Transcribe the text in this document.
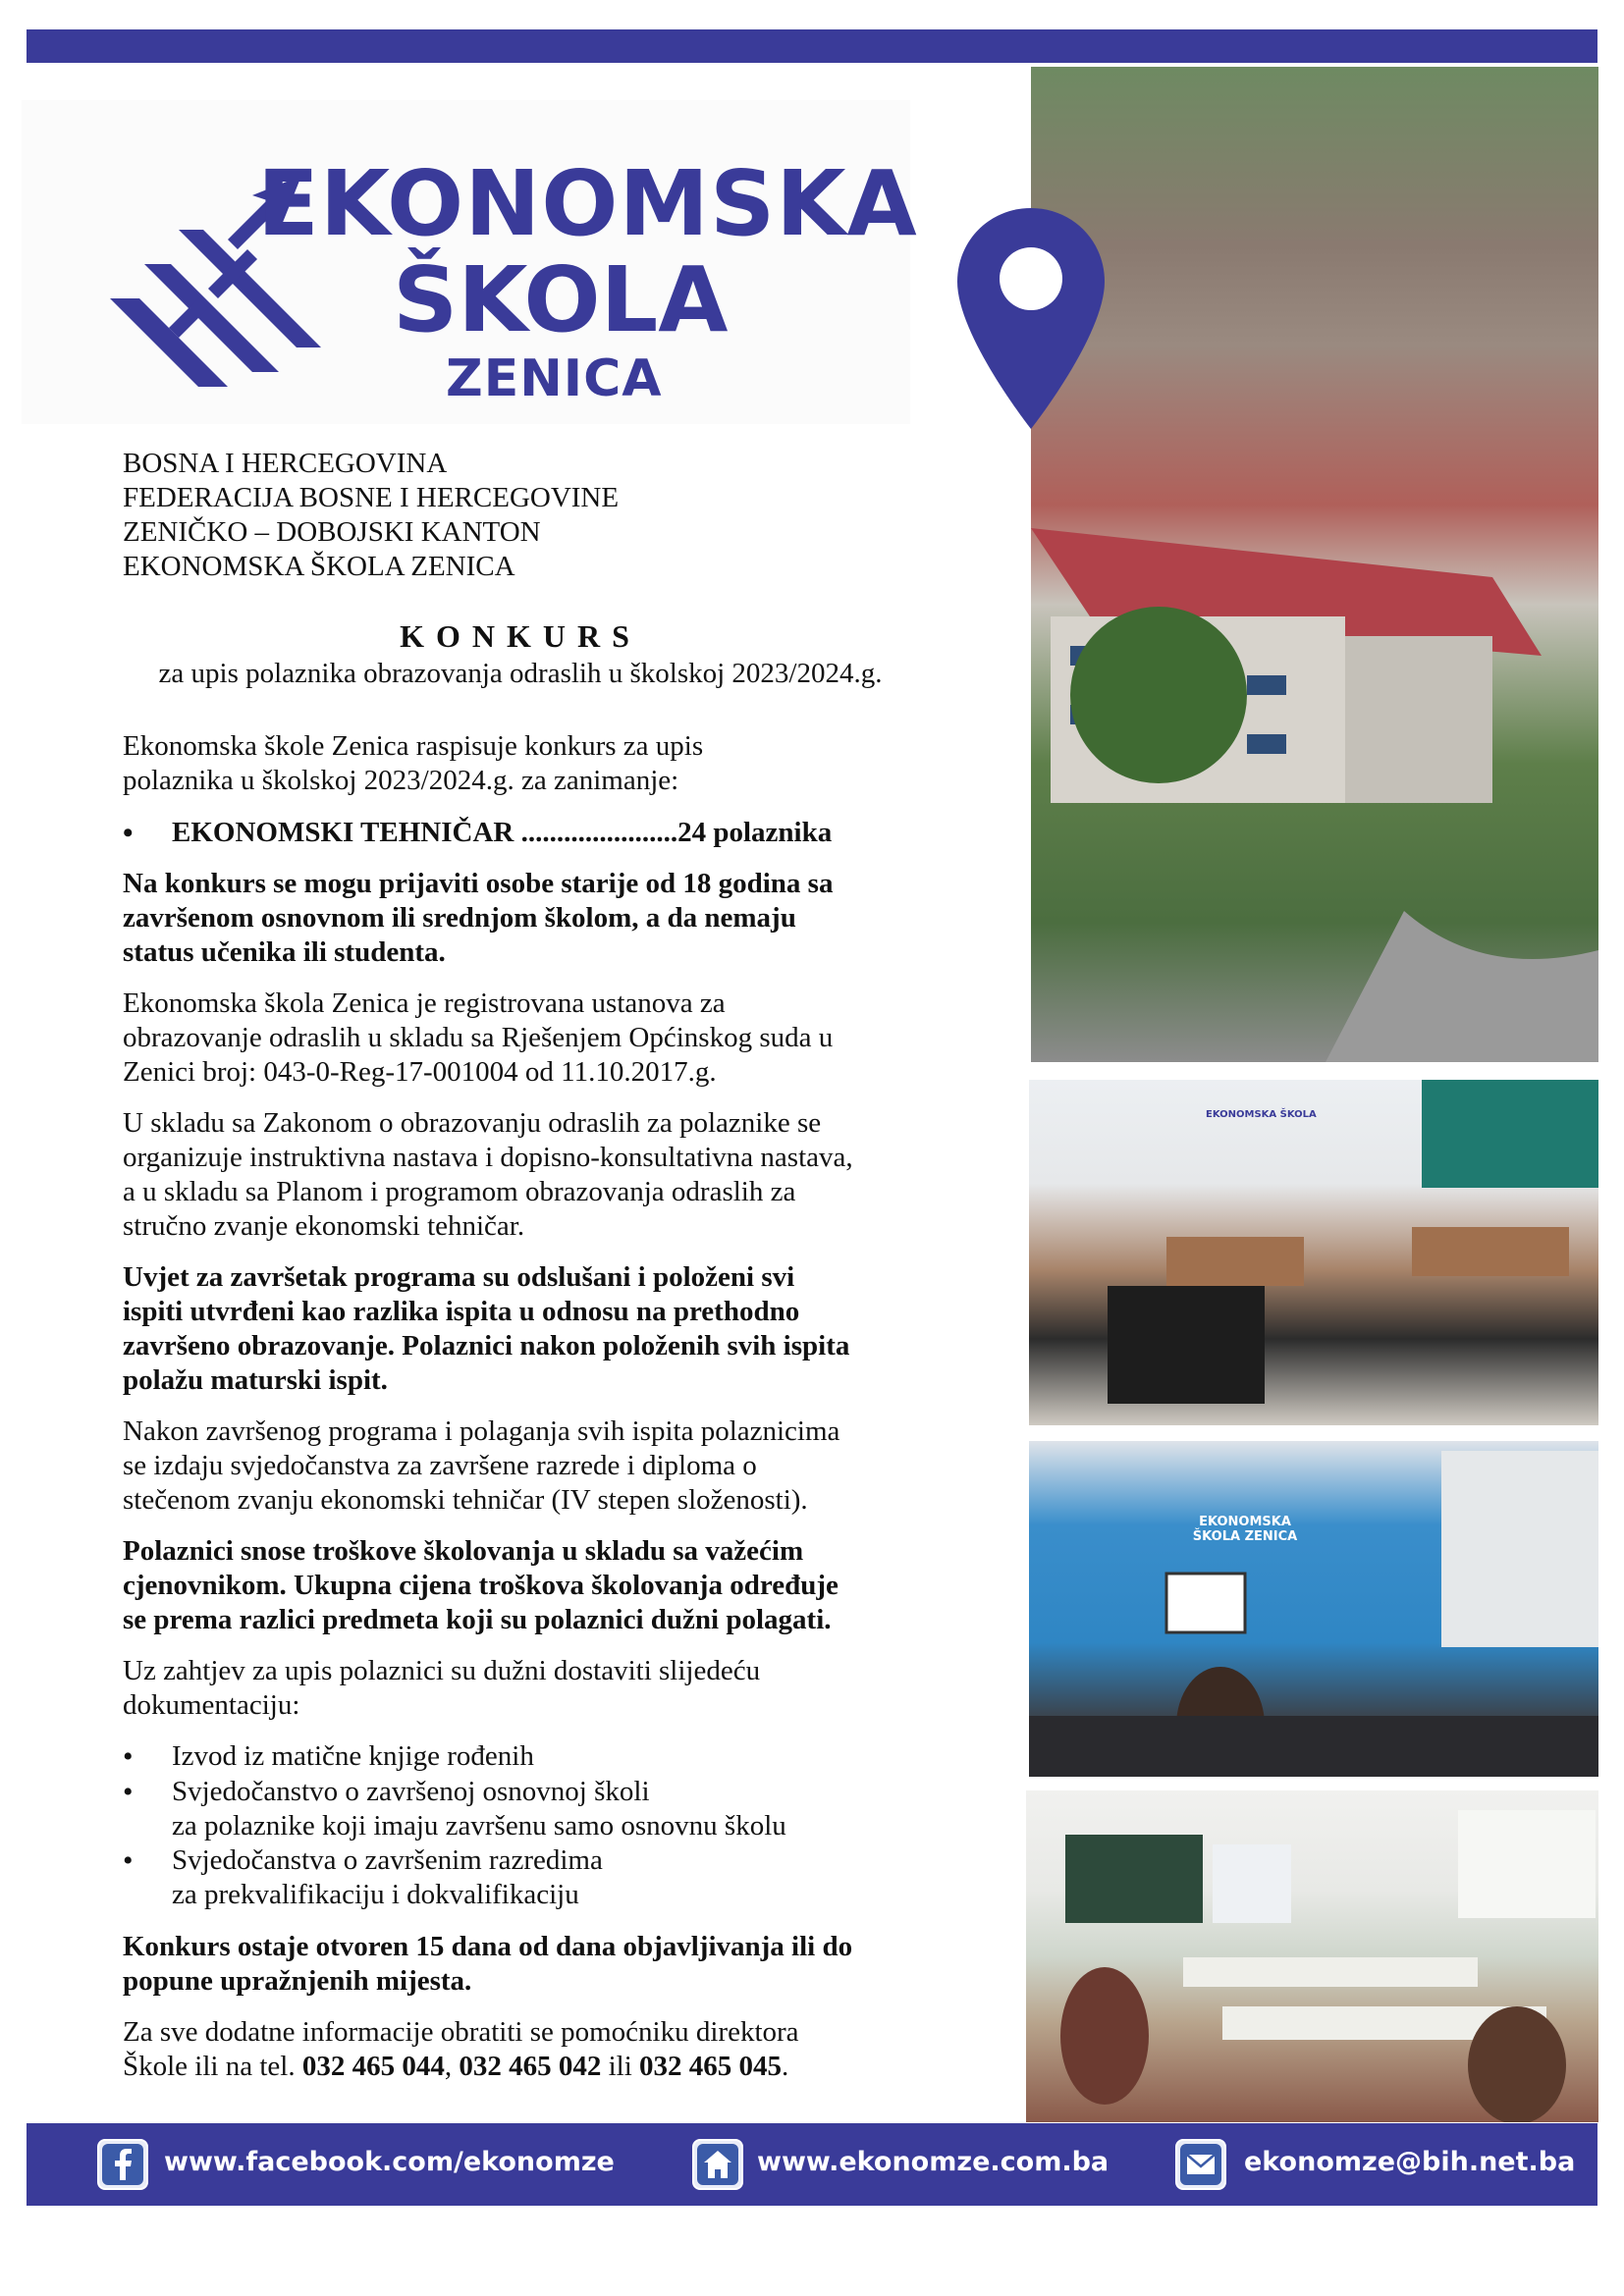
EKONOMSKA
ŠKOLA
ZENICA

BOSNA I HERCEGOVINA

FEDERACIJA BOSNE I HERCEGOVINE

ZENIČKO – DOBOJSKI KANTON

EKONOMSKA ŠKOLA ZENICA

KONKURS
za upis polaznika obrazovanja odraslih u školskoj 2023/2024.g.

Ekonomska škole Zenica raspisuje konkurs za upis

polaznika u školskoj 2023/2024.g. za zanimanje:

•
EKONOMSKI TEHNIČAR ......................24 polaznika

Na konkurs se mogu prijaviti osobe starije od 18 godina sa

završenom osnovnom ili srednjom školom, a da nemaju

status učenika ili studenta.

Ekonomska škola Zenica je registrovana ustanova za

obrazovanje odraslih u skladu sa Rješenjem Općinskog suda u

Zenici broj: 043-0-Reg-17-001004 od 11.10.2017.g.

U skladu sa Zakonom o obrazovanju odraslih za polaznike se

organizuje instruktivna nastava i dopisno-konsultativna nastava,

a u skladu sa Planom i programom obrazovanja odraslih za

stručno zvanje ekonomski tehničar.

Uvjet za završetak programa su odslušani i položeni svi

ispiti utvrđeni kao razlika ispita u odnosu na prethodno

završeno obrazovanje. Polaznici nakon položenih svih ispita

polažu maturski ispit.

Nakon završenog programa i polaganja svih ispita polaznicima

se izdaju svjedočanstva za završene razrede i diploma o

stečenom zvanju ekonomski tehničar (IV stepen složenosti).

Polaznici snose troškove školovanja u skladu sa važećim

cjenovnikom. Ukupna cijena troškova školovanja određuje

se prema razlici predmeta koji su polaznici dužni polagati.

Uz zahtjev za upis polaznici su dužni dostaviti slijedeću

dokumentaciju:

•

Izvod iz matične knjige rođenih

•

Svjedočanstvo o završenoj osnovnoj školi

za polaznike koji imaju završenu samo osnovnu školu

•

Svjedočanstva o završenim razredima

za prekvalifikaciju i dokvalifikaciju

Konkurs ostaje otvoren 15 dana od dana objavljivanja ili do

popune upražnjenih mijesta.

Za sve dodatne informacije obratiti se pomoćniku direktora

Škole ili na tel. 032 465 044, 032 465 042 ili 032 465 045.

EKONOMSKA ŠKOLA
EKONOMSKA ŠKOLA ZENICA
www.facebook.com/ekonomze	www.ekonomze.com.ba	ekonomze@bih.net.ba
